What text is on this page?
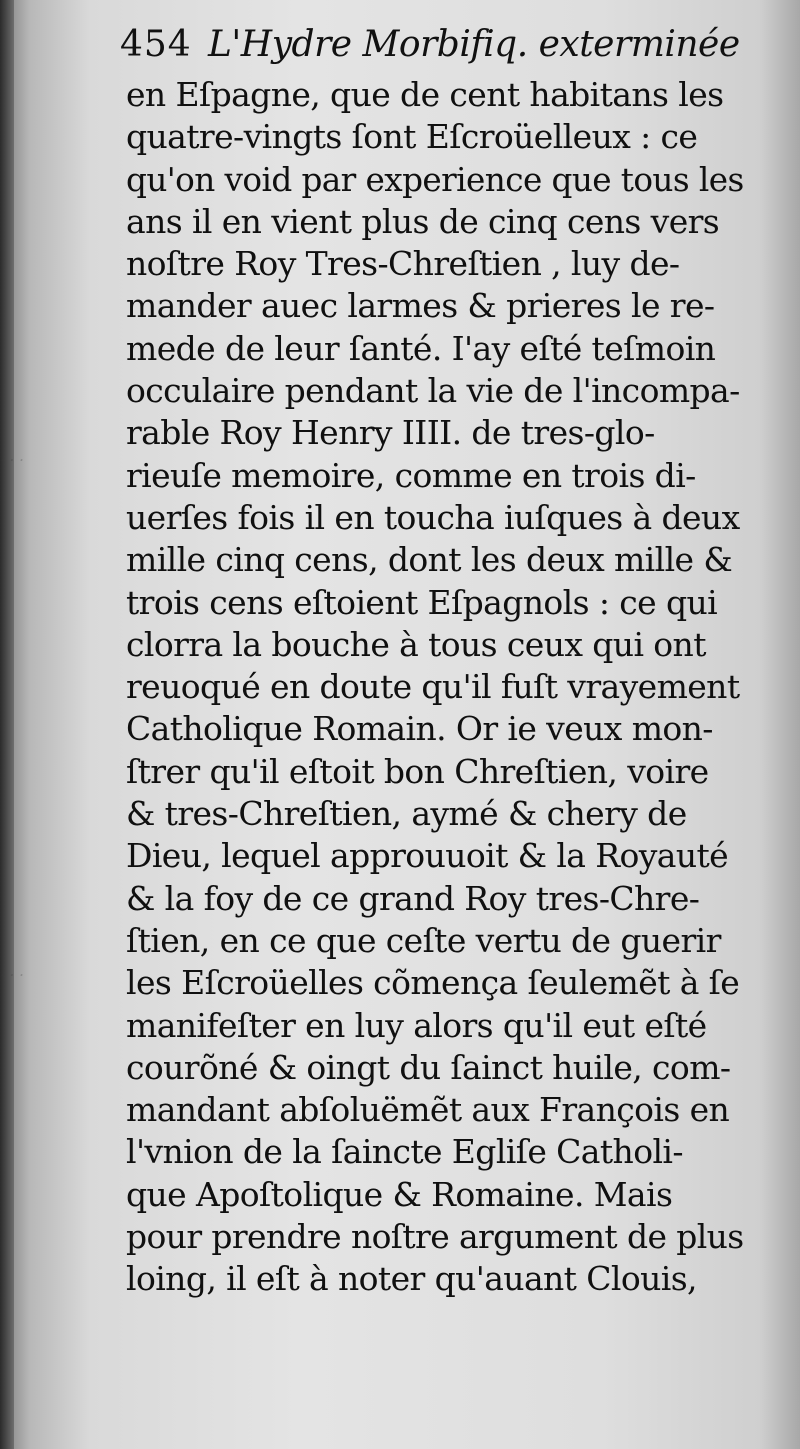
· · ·
· · ·
454 L'Hydre Morbifiq. exterminée
en Eſpagne, que de cent habitans les
quatre-vingts ſont Eſcroüelleux : ce
qu'on void par experience que tous les
ans il en vient plus de cinq cens vers
noſtre Roy Tres-Chreſtien , luy de-
mander auec larmes & prieres le re-
mede de leur ſanté. I'ay eſté teſmoin
occulaire pendant la vie de l'incompa-
rable Roy Henry IIII. de tres-glo-
rieuſe memoire, comme en trois di-
uerſes fois il en toucha iuſques à deux
mille cinq cens, dont les deux mille &
trois cens eſtoient Eſpagnols : ce qui
clorra la bouche à tous ceux qui ont
reuoqué en doute qu'il fuſt vrayement
Catholique Romain. Or ie veux mon-
ſtrer qu'il eſtoit bon Chreſtien, voire
& tres-Chreſtien, aymé & chery de
Dieu, lequel approuuoit & la Royauté
& la foy de ce grand Roy tres-Chre-
ſtien, en ce que ceſte vertu de guerir
les Eſcroüelles cõmença ſeulemẽt à ſe
manifeſter en luy alors qu'il eut eſté
courõné & oingt du ſainct huile, com-
mandant abſoluëmẽt aux François en
l'vnion de la ſaincte Egliſe Catholi-
que Apoſtolique & Romaine. Mais
pour prendre noſtre argument de plus
loing, il eſt à noter qu'auant Clouis,
